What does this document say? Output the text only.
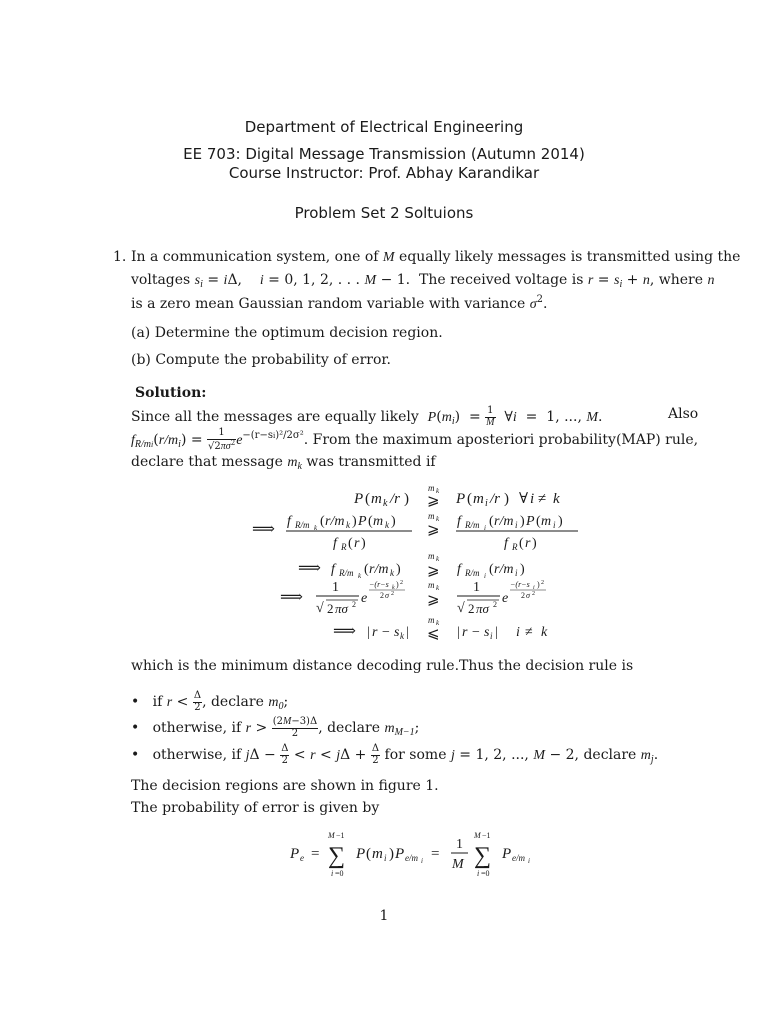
Department of Electrical Engineering
EE 703: Digital Message Transmission (Autumn 2014)
Course Instructor: Prof. Abhay Karandikar
Problem Set 2 Soltuions
1. In a communication system, one of M equally likely messages is transmitted using the
voltages $s_i = i\Delta$,    i = 0, 1, 2, . . . M − 1.  The received voltage is $r = s_i + n$, where n
is a zero mean Gaussian random variable with variance $\sigma^2$.
(a) Determine the optimum decision region.
(b) Compute the probability of error.
Solution:
Since all the messages are equally likely $P(m_i) = \frac{1}{M}$ ∀i  =  1, ..., M.	Also
$f_{R/mi}(r/m_i) = \frac{1}{√2\pi\sigma^2} e^{-(r-si)^2/2\sigma^2}$. From the maximum aposteriori probability(MAP) rule,
declare that message $m_k$ was transmitted if
P ( m k /r )
m k
⩾ P ( m i /r ) ∀ i ≠ k
⟹ f R/m k ( r/m k ) P ( m k )
f R ( r )
m k
⩾
f R/m i ( r/m i ) P ( m i )
f R ( r )
⟹ f R/m k ( r/m k )
m k
⩾ f R/m i ( r/m i )
⟹
1
√ 2 πσ 2 e
−(r−s k ) 2
2 σ 2
m k
⩾
1
√ 2 πσ 2 e
−(r−s i ) 2
2 σ 2
⟹ | r − s k |
m k
⩽ | r − s i | i ≠ k
which is the minimum distance decoding rule.Thus the decision rule is
•   if $r < \frac{\Delta}{2}$ , declare $m_0$;
•   otherwise, if $r > \frac{(2M-3)\Delta}{2}$ , declare $m_{M-1}$;
•   otherwise, if $j\Delta - \frac{\Delta}{2} < r < j\Delta + \frac{\Delta}{2}$ for some j = 1, 2, ..., M − 2, declare $m_j$.
The decision regions are shown in figure 1.
The probability of error is given by
P e =
M −1
∑
i =0
P ( m i ) P e/m i =
1
M
M −1
∑
i =0
P e/m i
1
